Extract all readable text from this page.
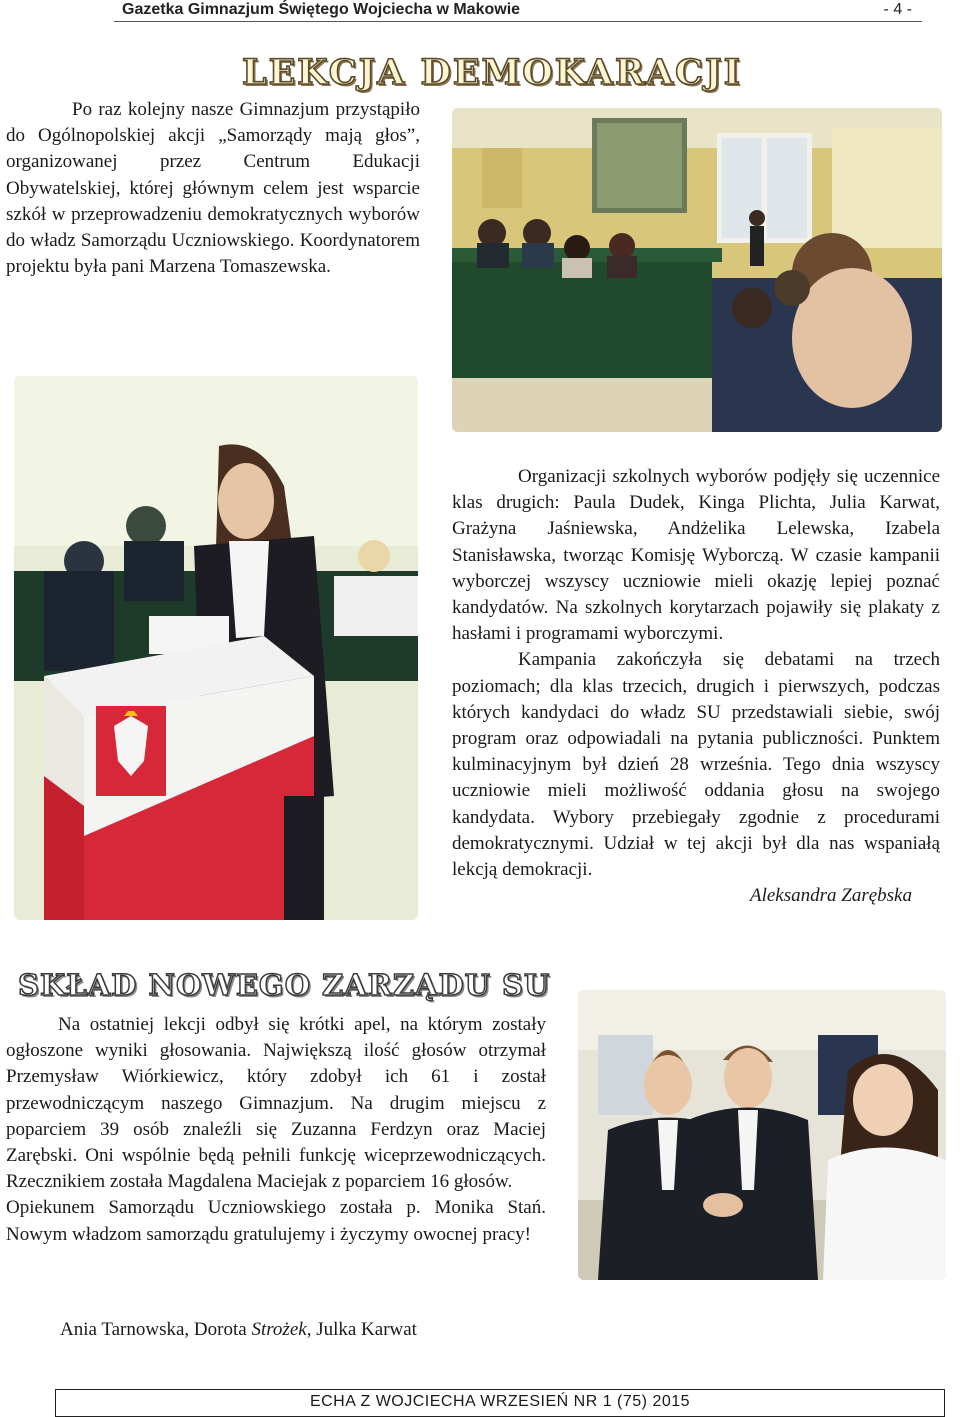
Gazetka Gimnazjum Świętego Wojciecha w Makowie	- 4 -
LEKCJA DEMOKARACJI

Po raz kolejny nasze Gimnazjum przystąpiło do Ogólnopolskiej akcji „Samorządy mają głos”, organizowanej przez Centrum Edukacji Obywatelskiej, której głównym celem jest wsparcie szkół w przeprowadzeniu demokratycznych wyborów do władz Samorządu Uczniowskiego. Koordynatorem projektu była pani Marzena Tomaszewska.

Organizacji szkolnych wyborów podjęły się uczennice klas drugich: Paula Dudek, Kinga Plichta, Julia Karwat, Grażyna Jaśniewska, Andżelika Lelewska, Izabela Stanisławska, tworząc Komisję Wyborczą. W czasie kampanii wyborczej wszyscy uczniowie mieli okazję lepiej poznać kandydatów. Na szkolnych korytarzach pojawiły się plakaty z hasłami i programami wyborczymi.

Kampania zakończyła się debatami na trzech poziomach; dla klas trzecich, drugich i pierwszych, podczas których kandydaci do władz SU przedstawiali siebie, swój program oraz odpowiadali na pytania publiczności. Punktem kulminacyjnym był dzień 28 września. Tego dnia wszyscy uczniowie mieli możliwość oddania głosu na swojego kandydata. Wybory przebiegały zgodnie z procedurami demokratycznymi. Udział w tej akcji był dla nas wspaniałą lekcją demokracji.

Aleksandra Zarębska

SKŁAD NOWEGO ZARZĄDU SU

Na ostatniej lekcji odbył się krótki apel, na którym zostały ogłoszone wyniki głosowania. Największą ilość głosów otrzymał Przemysław Wiórkiewicz, który zdobył ich 61 i został przewodniczącym naszego Gimnazjum. Na drugim miejscu z poparciem 39 osób znaleźli się Zuzanna Ferdzyn oraz Maciej Zarębski. Oni wspólnie będą pełnili funkcję wiceprzewodniczących. Rzecznikiem została Magdalena Maciejak z poparciem 16 głosów.

Opiekunem Samorządu Uczniowskiego została p. Monika Stań. Nowym władzom samorządu gratulujemy i życzymy owocnej pracy!

Ania Tarnowska, Dorota Strożek, Julka Karwat
ECHA Z WOJCIECHA WRZESIEŃ NR 1 (75) 2015
